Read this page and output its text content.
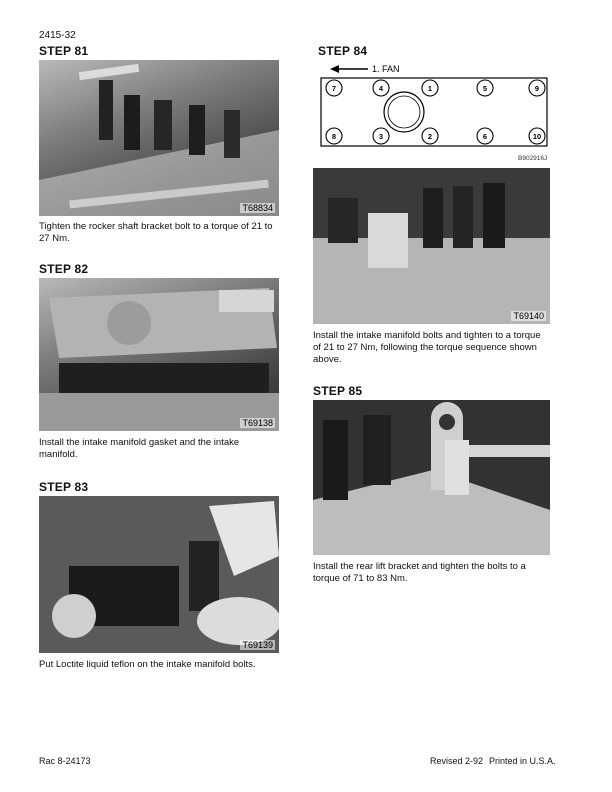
2415-32
STEP 81
T68834
Tighten the rocker shaft bracket bolt to a torque of 21 to 27 Nm.
STEP 82
T69138
Install the intake manifold gasket and the intake manifold.
STEP 83
T69139
Put Loctite liquid teflon on the intake manifold bolts.
STEP 84
1. FAN
7	4	1	5	9
8	3	2	6	10
B902916J
T69140
Install the intake manifold bolts and tighten to a torque of 21 to 27 Nm, following the torque sequence shown above.
STEP 85
Install the rear lift bracket and tighten the bolts to a torque of 71 to 83 Nm.
Rac 8-24173	Revised 2-92 Printed in U.S.A.
